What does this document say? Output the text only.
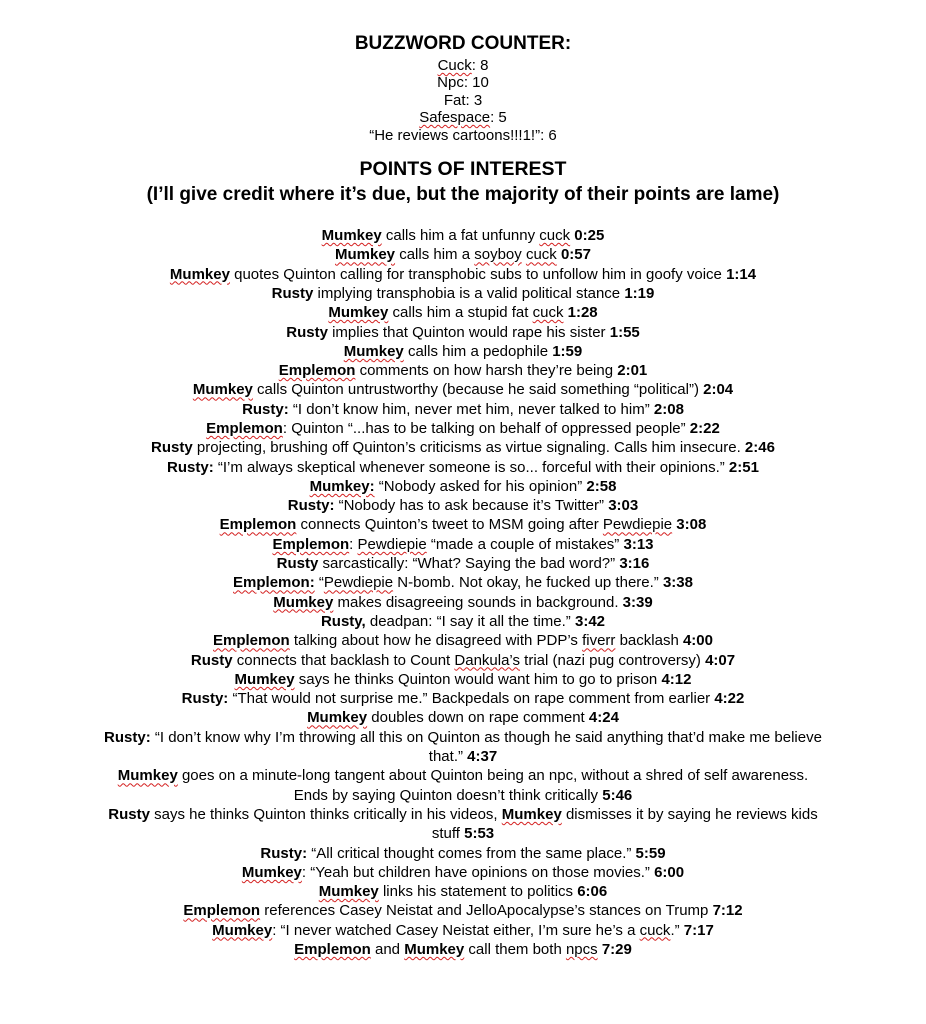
BUZZWORD COUNTER:

Cuck: 8

Npc: 10

Fat: 3

Safespace: 5

“He reviews cartoons!!!1!”: 6

POINTS OF INTEREST
(I’ll give credit where it’s due, but the majority of their points are lame)

Mumkey calls him a fat unfunny cuck 0:25

Mumkey calls him a soyboy cuck 0:57

Mumkey quotes Quinton calling for transphobic subs to unfollow him in goofy voice 1:14

Rusty implying transphobia is a valid political stance 1:19

Mumkey calls him a stupid fat cuck 1:28

Rusty implies that Quinton would rape his sister 1:55

Mumkey calls him a pedophile 1:59

Emplemon comments on how harsh they’re being 2:01

Mumkey calls Quinton untrustworthy (because he said something “political”) 2:04

Rusty: “I don’t know him, never met him, never talked to him” 2:08

Emplemon: Quinton “...has to be talking on behalf of oppressed people” 2:22

Rusty projecting, brushing off Quinton’s criticisms as virtue signaling. Calls him insecure. 2:46

Rusty: “I’m always skeptical whenever someone is so... forceful with their opinions.” 2:51

Mumkey: “Nobody asked for his opinion” 2:58

Rusty: “Nobody has to ask because it’s Twitter” 3:03

Emplemon connects Quinton’s tweet to MSM going after Pewdiepie 3:08

Emplemon: Pewdiepie “made a couple of mistakes” 3:13

Rusty sarcastically: “What? Saying the bad word?” 3:16

Emplemon: “Pewdiepie N-bomb. Not okay, he fucked up there.” 3:38

Mumkey makes disagreeing sounds in background. 3:39

Rusty, deadpan: “I say it all the time.” 3:42

Emplemon talking about how he disagreed with PDP’s fiverr backlash 4:00

Rusty connects that backlash to Count Dankula’s trial (nazi pug controversy) 4:07

Mumkey says he thinks Quinton would want him to go to prison 4:12

Rusty: “That would not surprise me.” Backpedals on rape comment from earlier 4:22

Mumkey doubles down on rape comment 4:24

Rusty: “I don’t know why I’m throwing all this on Quinton as though he said anything that’d make me believe that.” 4:37

Mumkey goes on a minute-long tangent about Quinton being an npc, without a shred of self awareness. Ends by saying Quinton doesn’t think critically 5:46

Rusty says he thinks Quinton thinks critically in his videos, Mumkey dismisses it by saying he reviews kids stuff 5:53

Rusty: “All critical thought comes from the same place.” 5:59

Mumkey: “Yeah but children have opinions on those movies.” 6:00

Mumkey links his statement to politics 6:06

Emplemon references Casey Neistat and JelloApocalypse’s stances on Trump 7:12

Mumkey: “I never watched Casey Neistat either, I’m sure he’s a cuck.” 7:17

Emplemon and Mumkey call them both npcs 7:29
